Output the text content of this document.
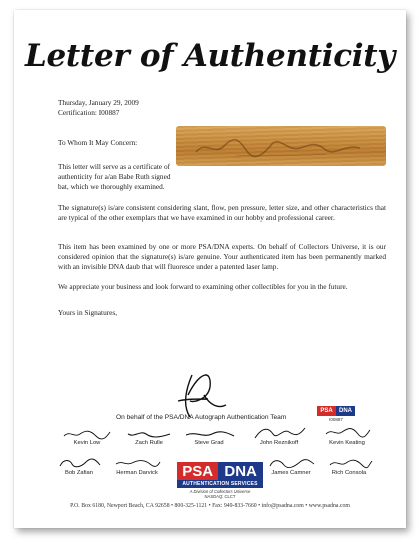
Letter of Authenticity
Thursday, January 29, 2009
Certification: I00887
To Whom It May Concern:
This letter will serve as a certificate of authenticity for a/an Babe Ruth signed bat, which we thoroughly examined.
The signature(s) is/are consistent considering slant, flow, pen pressure, letter size, and other characteristics that are typical of the other exemplars that we have examined in our hobby and professional career.
This item has been examined by one or more PSA/DNA experts. On behalf of Collectors Universe, it is our considered opinion that the signature(s) is/are genuine. Your authenticated item has been permanently marked with an invisible DNA daub that will fluoresce under a patented laser lamp.
We appreciate your business and look forward to examining other collectibles for you in the future.
Yours in Signatures,
On behalf of the PSA/DNA Autograph Authentication Team
PSA	DNA
I00887
Kevin Low	Zach Rulle	Steve Grad	John Reznikoff	Kevin Keating
Bob Zafian	Herman Darvick	James Camner	Rich Consola
PSA DNA
AUTHENTICATION SERVICES
A Division of Collectors Universe
NASDAQ: CLCT
P.O. Box 6180, Newport Beach, CA 92658 • 800-325-1121 • Fax: 949-833-7660 • info@psadna.com • www.psadna.com
